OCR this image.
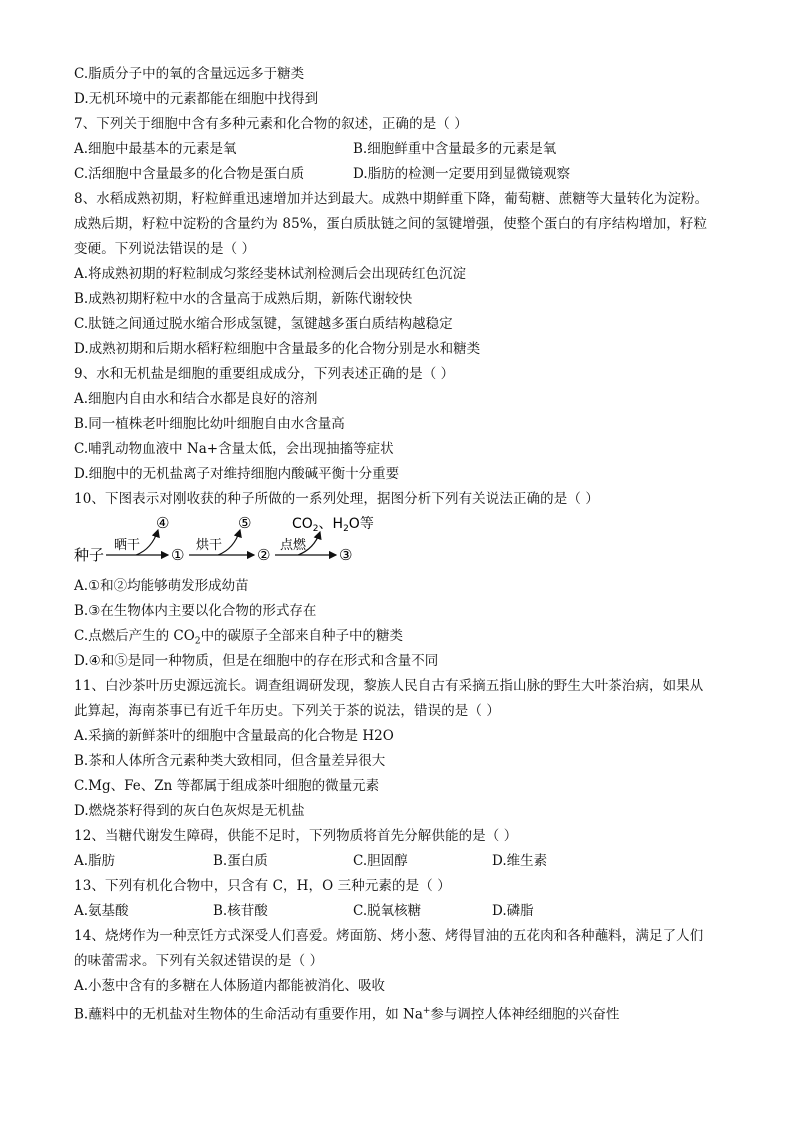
C.脂质分子中的氧的含量远远多于糖类
D.无机环境中的元素都能在细胞中找得到
7、下列关于细胞中含有多种元素和化合物的叙述，正确的是（ ）
A.细胞中最基本的元素是氧	B.细胞鲜重中含量最多的元素是氧
C.活细胞中含量最多的化合物是蛋白质	D.脂肪的检测一定要用到显微镜观察
8、水稻成熟初期，籽粒鲜重迅速增加并达到最大。成熟中期鲜重下降，葡萄糖、蔗糖等大量转化为淀粉。
成熟后期，籽粒中淀粉的含量约为 85%，蛋白质肽链之间的氢键增强，使整个蛋白的有序结构增加，籽粒
变硬。下列说法错误的是（ ）
A.将成熟初期的籽粒制成匀浆经斐林试剂检测后会出现砖红色沉淀
B.成熟初期籽粒中水的含量高于成熟后期，新陈代谢较快
C.肽链之间通过脱水缩合形成氢键，氢键越多蛋白质结构越稳定
D.成熟初期和后期水稻籽粒细胞中含量最多的化合物分别是水和糖类
9、水和无机盐是细胞的重要组成成分，下列表述正确的是（ ）
A.细胞内自由水和结合水都是良好的溶剂
B.同一植株老叶细胞比幼叶细胞自由水含量高
C.哺乳动物血液中 Na+含量太低，会出现抽搐等症状
D.细胞中的无机盐离子对维持细胞内酸碱平衡十分重要
10、下图表示对刚收获的种子所做的一系列处理，据图分析下列有关说法正确的是（ ）
种子
晒干
④
①
烘干
⑤
②
点燃
$CO_2$、$H_2O$等
③
A.①和②均能够萌发形成幼苗
B.③在生物体内主要以化合物的形式存在
C.点燃后产生的 $CO_2$中的碳原子全部来自种子中的糖类
D.④和⑤是同一种物质，但是在细胞中的存在形式和含量不同
11、白沙茶叶历史源远流长。调查组调研发现，黎族人民自古有采摘五指山脉的野生大叶茶治病，如果从
此算起，海南茶事已有近千年历史。下列关于茶的说法，错误的是（ ）
A.采摘的新鲜茶叶的细胞中含量最高的化合物是 H2O
B.茶和人体所含元素种类大致相同，但含量差异很大
C.Mg、Fe、Zn 等都属于组成茶叶细胞的微量元素
D.燃烧茶籽得到的灰白色灰烬是无机盐
12、当糖代谢发生障碍，供能不足时，下列物质将首先分解供能的是（ ）
A.脂肪	B.蛋白质	C.胆固醇	D.维生素
13、下列有机化合物中，只含有 C，H，O 三种元素的是（ ）
A.氨基酸	B.核苷酸	C.脱氧核糖	D.磷脂
14、烧烤作为一种烹饪方式深受人们喜爱。烤面筋、烤小葱、烤得冒油的五花肉和各种蘸料，满足了人们
的味蕾需求。下列有关叙述错误的是（ ）
A.小葱中含有的多糖在人体肠道内都能被消化、吸收
B.蘸料中的无机盐对生物体的生命活动有重要作用，如 Na+参与调控人体神经细胞的兴奋性
